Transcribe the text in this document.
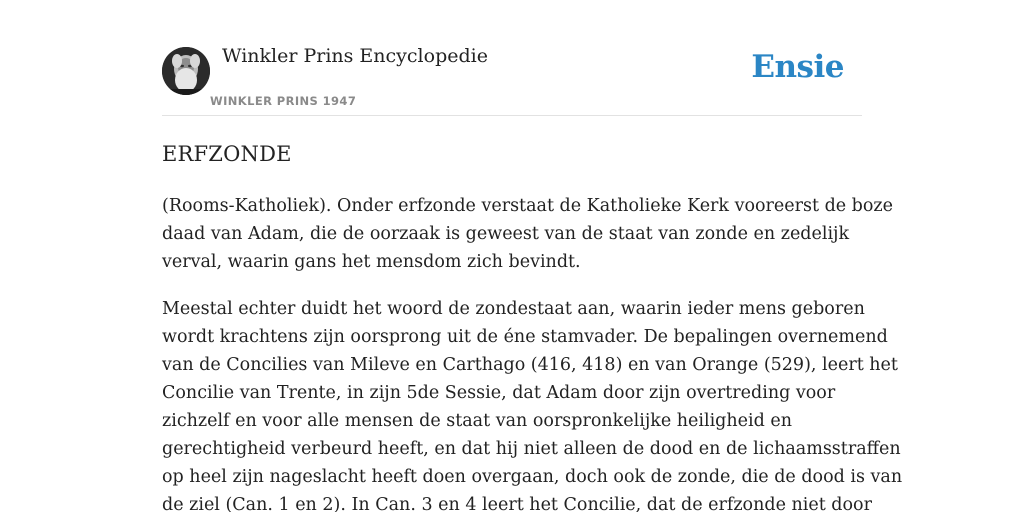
Winkler Prins Encyclopedie
WINKLER PRINS 1947
Ensie
ERFZONDE
(Rooms-Katholiek). Onder erfzonde verstaat de Katholieke Kerk vooreerst de boze
daad van Adam, die de oorzaak is geweest van de staat van zonde en zedelijk
verval, waarin gans het mensdom zich bevindt.
Meestal echter duidt het woord de zondestaat aan, waarin ieder mens geboren
wordt krachtens zijn oorsprong uit de éne stamvader. De bepalingen overnemend
van de Concilies van Mileve en Carthago (416, 418) en van Orange (529), leert het
Concilie van Trente, in zijn 5de Sessie, dat Adam door zijn overtreding voor
zichzelf en voor alle mensen de staat van oorspronkelijke heiligheid en
gerechtigheid verbeurd heeft, en dat hij niet alleen de dood en de lichaamsstraffen
op heel zijn nageslacht heeft doen overgaan, doch ook de zonde, die de dood is van
de ziel (Can. 1 en 2). In Can. 3 en 4 leert het Concilie, dat de erfzonde niet door
